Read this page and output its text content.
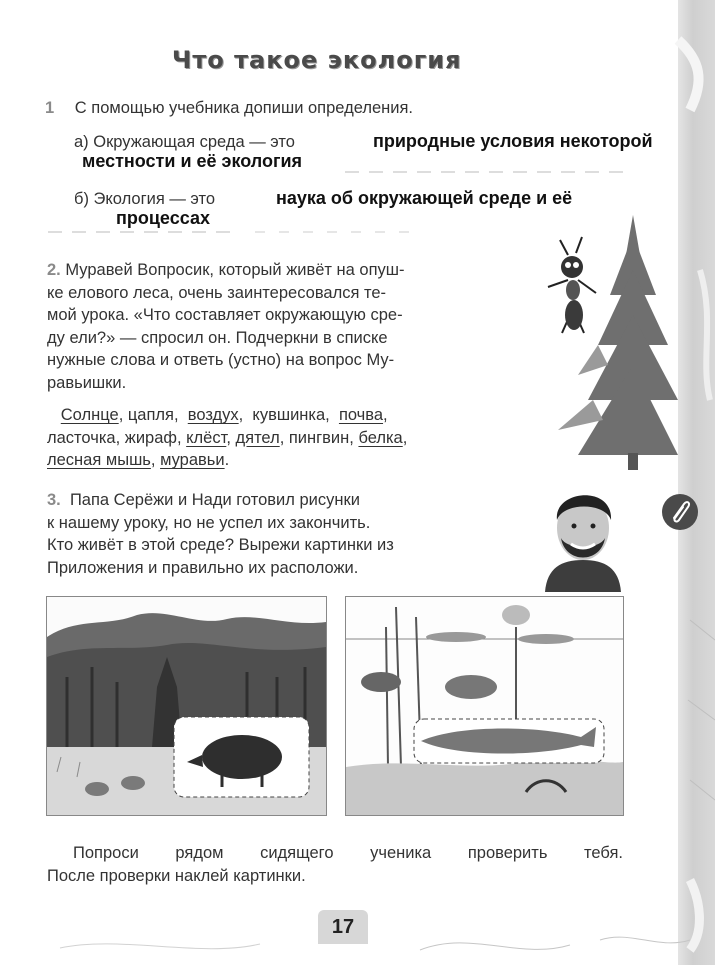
Что такое экология
1 С помощью учебника допиши определения.
а) Окружающая среда — это	природные условия некоторой
местности и её экология
б) Экология — это	наука об окружающей среде и её
процессах
2. Муравей Вопросик, который живёт на опуш-
ке елового леса, очень заинтересовался те-
мой урока. «Что составляет окружающую сре-
ду ели?» — спросил он. Подчеркни в списке
нужные слова и ответь (устно) на вопрос Му-
равьишки.
Солнце, цапля,  воздух,  кувшинка,  почва,
ласточка, жираф, клёст, дятел, пингвин, белка,
лесная мышь, муравьи.
3. Папа Серёжи и Нади готовил рисунки
к нашему уроку, но не успел их закончить.
Кто живёт в этой среде? Вырежи картинки из
Приложения и правильно их расположи.
Попроси рядом сидящего ученика проверить тебя.
После проверки наклей картинки.
17
